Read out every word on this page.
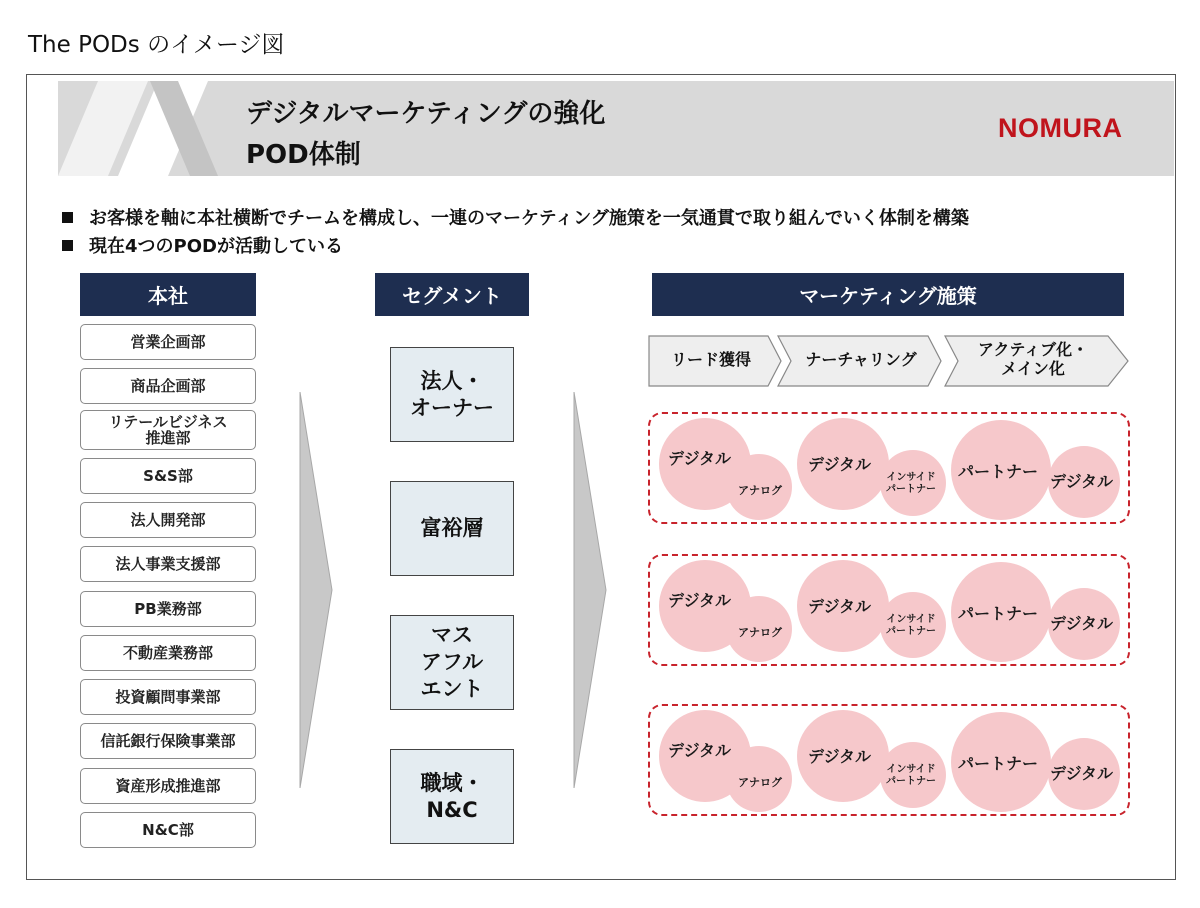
The PODs のイメージ図
デジタルマーケティングの強化
POD体制
NOMURA
お客様を軸に本社横断でチームを構成し、一連のマーケティング施策を一気通貫で取り組んでいく体制を構築
現在4つのPODが活動している
本社	セグメント	マーケティング施策
営業企画部
商品企画部
リテールビジネス
推進部
S&S部
法人開発部
法人事業支援部
PB業務部
不動産業務部
投資顧問事業部
信託銀行保険事業部
資産形成推進部
N&C部
法人・
オーナー
富裕層
マス
アフル
エント
職域・
N&C
リード獲得	ナーチャリング
アクティブ化・
メイン化
デジタル
アナログ
デジタル
インサイド
パートナー
パートナー
デジタル
デジタル
アナログ
デジタル
インサイド
パートナー
パートナー
デジタル
デジタル
アナログ
デジタル
インサイド
パートナー
パートナー
デジタル
